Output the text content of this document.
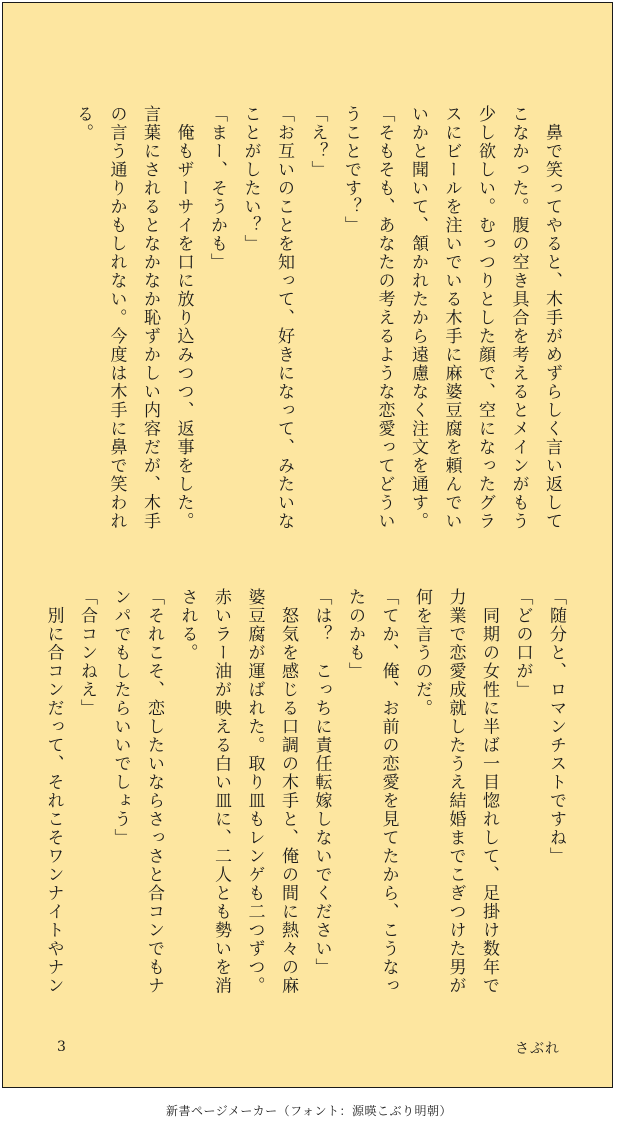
　鼻で笑ってやると、木手がめずらしく言い返してこなかった。腹の空き具合を考えるとメインがもう少し欲しい。むっつりとした顔で、空になったグラスにビールを注いでいる木手に麻婆豆腐を頼んでいいかと聞いて、頷かれたから遠慮なく注文を通す。

「そもそも、あなたの考えるような恋愛ってどういうことです？」

「え？」

「お互いのことを知って、好きになって、みたいなことがしたい？」

「まー、そうかも」

　俺もザーサイを口に放り込みつつ、返事をした。言葉にされるとなかなか恥ずかしい内容だが、木手の言う通りかもしれない。今度は木手に鼻で笑われる。

「随分と、ロマンチストですね」

「どの口が」

　同期の女性に半ば一目惚れして、足掛け数年で力業で恋愛成就したうえ結婚までこぎつけた男が何を言うのだ。

「てか、俺、お前の恋愛を見てたから、こうなったのかも」

「は？　こっちに責任転嫁しないでください」

　怒気を感じる口調の木手と、俺の間に熱々の麻婆豆腐が運ばれた。取り皿もレンゲも二つずつ。赤いラー油が映える白い皿に、二人とも勢いを消される。

「それこそ、恋したいならさっさと合コンでもナンパでもしたらいいでしょう」

「合コンねえ」

　別に合コンだって、それこそワンナイトやナン

3	さぶれ
新書ページメーカー（フォント：源暎こぶり明朝）
